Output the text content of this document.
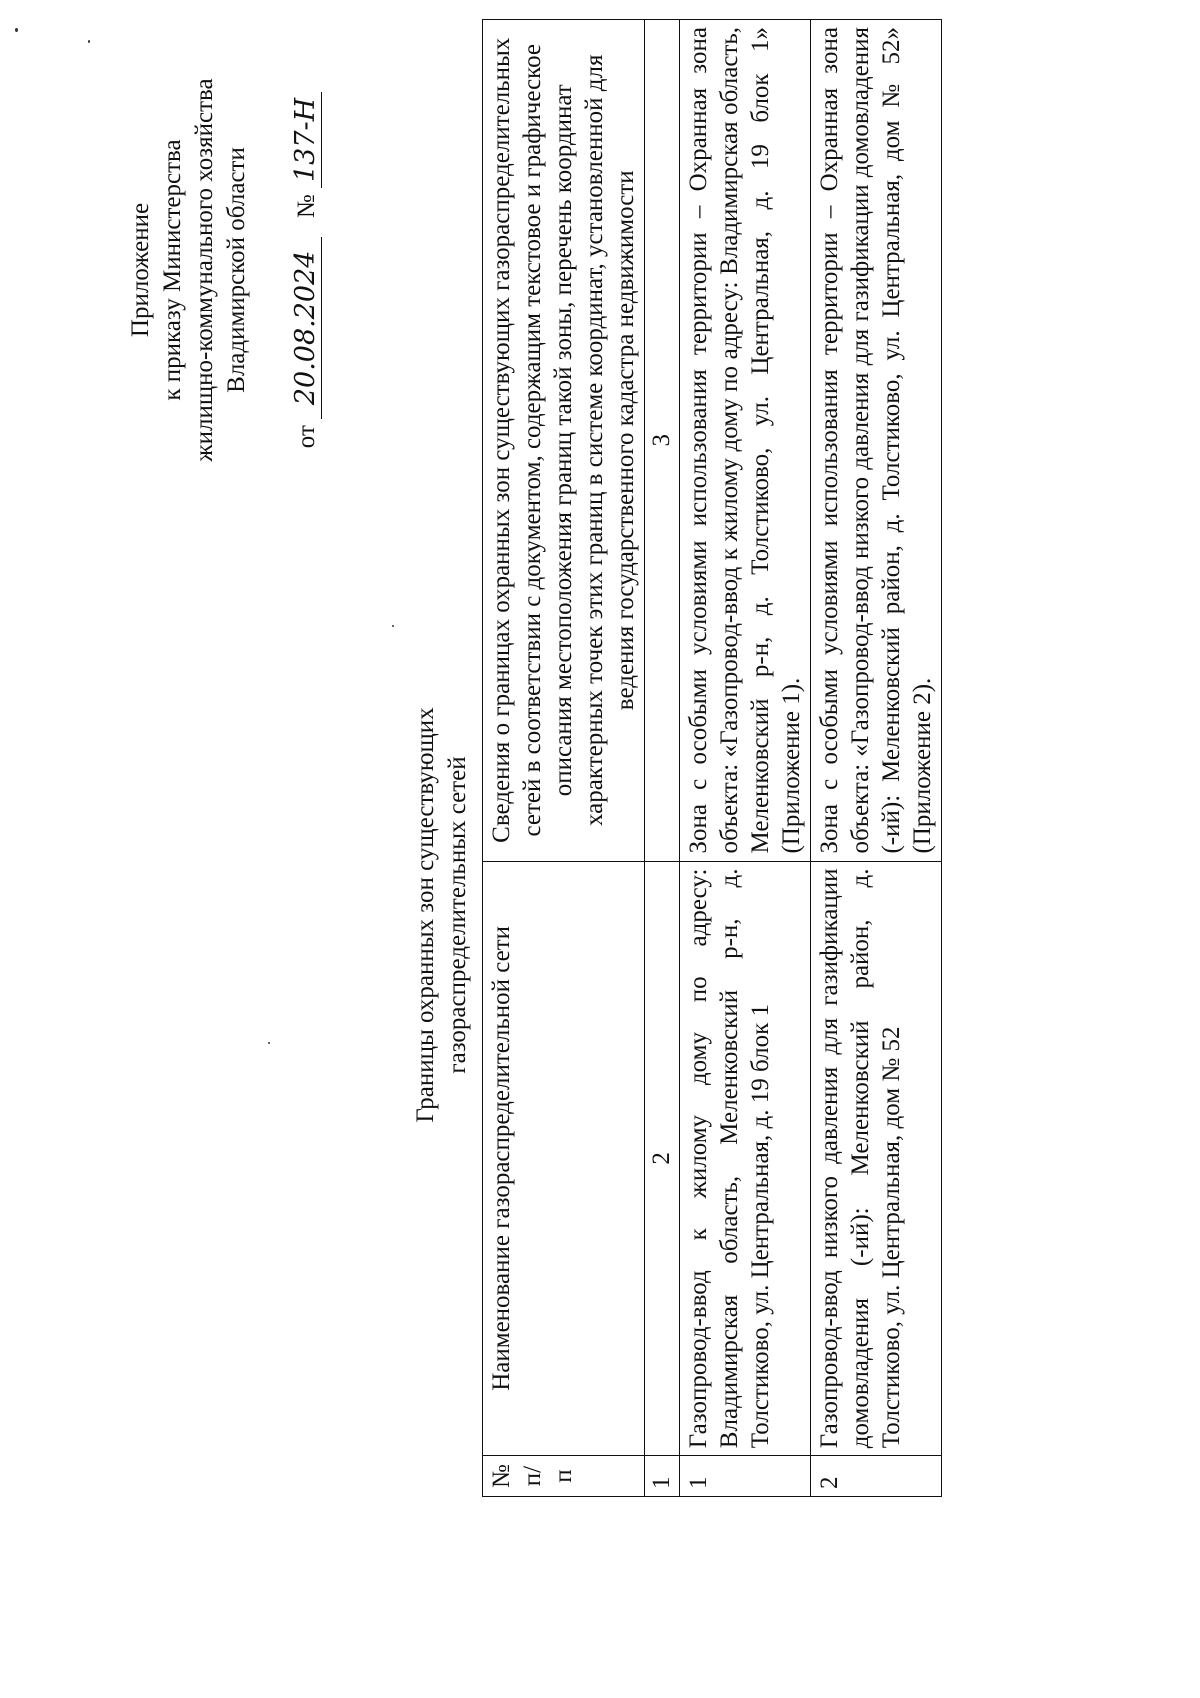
Приложение к приказу Министерства жилищно-коммунального хозяйства Владимирской области
от 20.08.2024   № 137-Н
Границы охранных зон существующих газораспределительных сетей
№ п/п	Наименование газораспределительной сети	Сведения о границах охранных зон существующих газораспределительных сетей в соответствии с документом, содержащим текстовое и графическое описания местоположения границ такой зоны, перечень координат характерных точек этих границ в системе координат, установленной для ведения государственного кадастра недвижимости
1	2	3
1	Газопровод-ввод к жилому дому по адресу: Владимирская область, Меленковский р-н, д. Толстиково, ул. Центральная, д. 19 блок 1	Зона с особыми условиями использования территории – Охранная зона объекта: «Газопровод-ввод к жилому дому по адресу: Владимирская область, Меленковский р-н, д. Толстиково, ул. Центральная, д. 19 блок 1» (Приложение 1).
2	Газопровод-ввод низкого давления для газификации домовладения (-ий): Меленковский район, д. Толстиково, ул. Центральная, дом № 52	Зона с особыми условиями использования территории – Охранная зона объекта: «Газопровод-ввод низкого давления для газификации домовладения (-ий): Меленковский район, д. Толстиково, ул. Центральная, дом № 52» (Приложение 2).
